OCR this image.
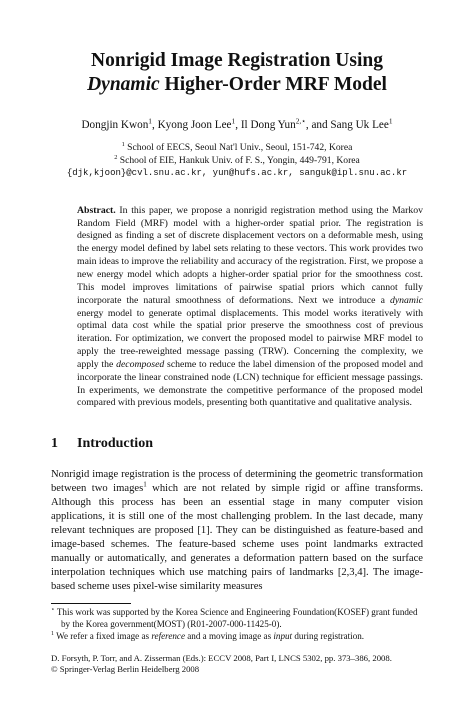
Nonrigid Image Registration Using
Dynamic Higher-Order MRF Model
Dongjin Kwon$^1$, Kyong Joon Lee$^1$, Il Dong Yun$^{2,⋆}$, and Sang Uk Lee$^1$
$^1$ School of EECS, Seoul Nat'l Univ., Seoul, 151-742, Korea
$^2$ School of EIE, Hankuk Univ. of F. S., Yongin, 449-791, Korea
{djk,kjoon}@cvl.snu.ac.kr, yun@hufs.ac.kr, sanguk@ipl.snu.ac.kr

Abstract. In this paper, we propose a nonrigid registration method using the Markov Random Field (MRF) model with a higher-order spatial prior. The registration is designed as finding a set of discrete displacement vectors on a deformable mesh, using the energy model defined by label sets relating to these vectors. This work provides two main ideas to improve the reliability and accuracy of the registration. First, we propose a new energy model which adopts a higher-order spatial prior for the smoothness cost. This model improves limitations of pairwise spatial priors which cannot fully incorporate the natural smoothness of deformations. Next we introduce a dynamic energy model to generate optimal displacements. This model works iteratively with optimal data cost while the spatial prior preserve the smoothness cost of previous iteration. For optimization, we convert the proposed model to pairwise MRF model to apply the tree-reweighted message passing (TRW). Concerning the complexity, we apply the decomposed scheme to reduce the label dimension of the proposed model and incorporate the linear constrained node (LCN) technique for efficient message passings. In experiments, we demonstrate the competitive performance of the proposed model compared with previous models, presenting both quantitative and qualitative analysis.

1 Introduction

Nonrigid image registration is the process of determining the geometric transformation between two images$^1$ which are not related by simple rigid or affine transforms. Although this process has been an essential stage in many computer vision applications, it is still one of the most challenging problem. In the last decade, many relevant techniques are proposed [1]. They can be distinguished as feature-based and image-based schemes. The feature-based scheme uses point landmarks extracted manually or automatically, and generates a deformation pattern based on the surface interpolation techniques which use matching pairs of landmarks [2,3,4]. The image-based scheme uses pixel-wise similarity measures

⋆ This work was supported by the Korea Science and Engineering Foundation(KOSEF) grant funded by the Korea government(MOST) (R01-2007-000-11425-0).
$^1$ We refer a fixed image as reference and a moving image as input during registration.
D. Forsyth, P. Torr, and A. Zisserman (Eds.): ECCV 2008, Part I, LNCS 5302, pp. 373–386, 2008.
© Springer-Verlag Berlin Heidelberg 2008
